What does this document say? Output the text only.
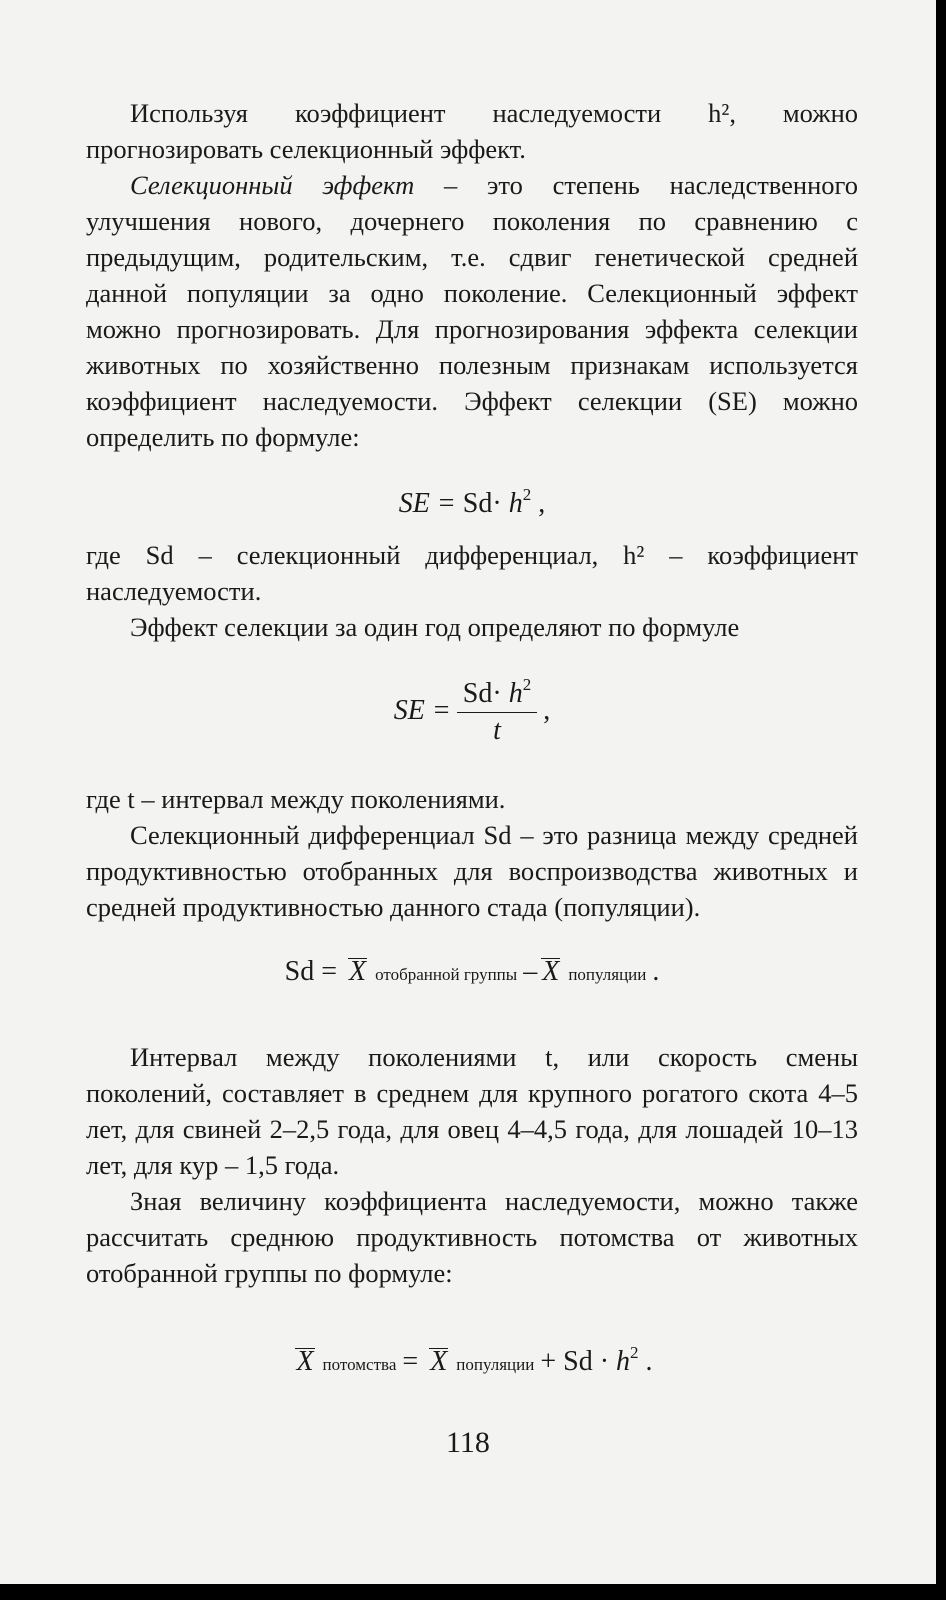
Используя коэффициент наследуемости h², можно прогнозировать селекционный эффект.

Селекционный эффект – это степень наследственного улучшения нового, дочернего поколения по сравнению с предыдущим, родительским, т.е. сдвиг генетической средней данной популяции за одно поколение. Селекционный эффект можно прогнозировать. Для прогнозирования эффекта селекции животных по хозяйственно полезным признакам используется коэффициент наследуемости. Эффект селекции (SE) можно определить по формуле:

SE = $Sd\cdot h^2$ ,

где Sd – селекционный дифференциал, h² – коэффициент наследуемости.

Эффект селекции за один год определяют по формуле

SE = $\frac{Sd\cdot h^2}{t}$ ,

где t – интервал между поколениями.

Селекционный дифференциал Sd – это разница между средней продуктивностью отобранных для воспроизводства животных и средней продуктивностью данного стада (популяции).

Sd = X отобранной группы – X популяции .

Интервал между поколениями t, или скорость смены поколений, составляет в среднем для крупного рогатого скота 4–5 лет, для свиней 2–2,5 года, для овец 4–4,5 года, для лошадей 10–13 лет, для кур – 1,5 года.

Зная величину коэффициента наследуемости, можно также рассчитать среднюю продуктивность потомства от животных отобранной группы по формуле:

X потомства = X популяции + $Sd \cdot h^2$ .
118
